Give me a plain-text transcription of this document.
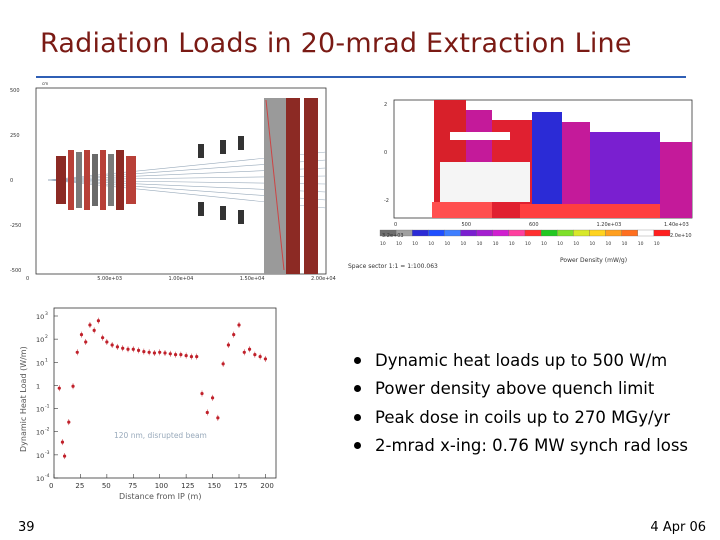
Radiation Loads in 20-mrad Extraction Line
500
250
0
-250
-500
cm
0	5.00e+03	1.00e+04	1.50e+04	2.00e+04
2
0
-2
0	500	600	1.20e+03	1.40e+03
3.2e+03	2.0e+10
10 10 10 10 10 10 10 10 10 10 10 10 10 10 10 10 10 10
Power Density (mW/g)
Space sector 1:1 = 1:100.063
10 3
10 2
10 1
1
10 -1
10 -2
10 -3
10 -4
0	25	50	75	100 125 150 175 200
120 nm, disrupted beam
Distance from IP (m)
Dynamic Heat Load (W/m)	Dynamic heat loads up to 500 W/m
Power density above quench limit
Peak dose in coils up to 270 MGy/yr
2-mrad x-ing: 0.76 MW synch rad loss
39	4 Apr 06
